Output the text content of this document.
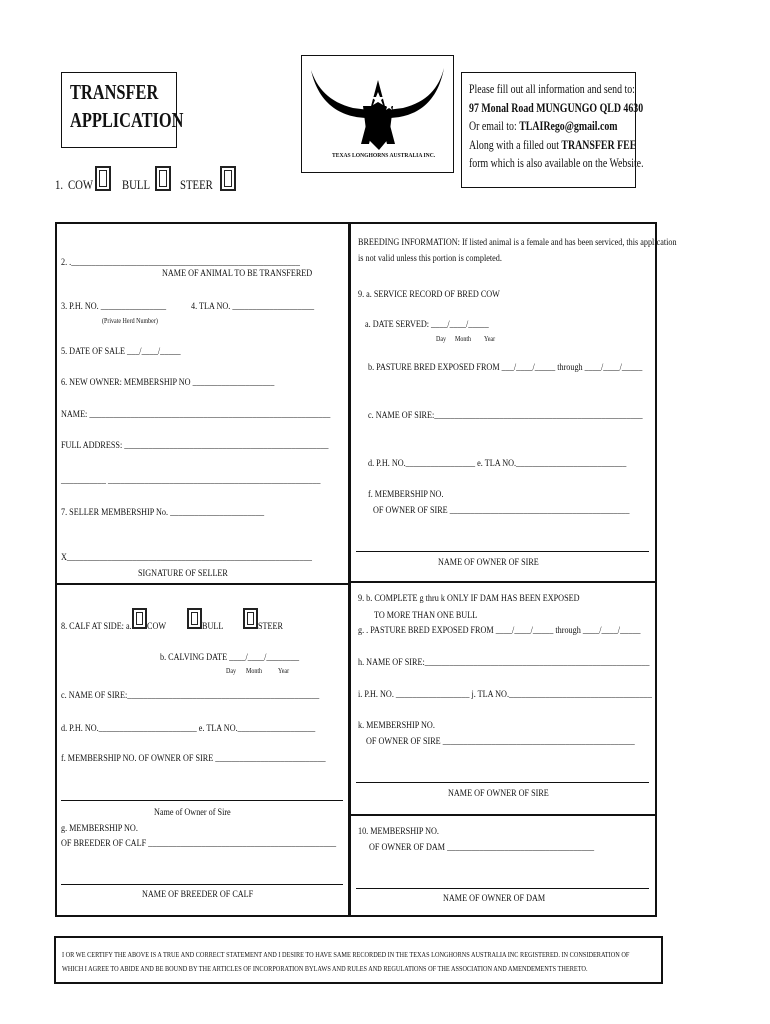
TRANSFER
APPLICATION
TEXAS LONGHORNS AUSTRALIA INC.
Please fill out all information and send to:
97 Monal Road MUNGUNGO QLD 4630
Or email to: TLAIRego@gmail.com
Along with a filled out TRANSFER FEE
form which is also available on the Website.
1. COW BULL STEER
2. .________________________________________________________
NAME OF ANIMAL TO BE TRANSFERED
3. P.H. NO. ________________
(Private Herd Number)
4. TLA NO. ____________________
5. DATE OF SALE ___/____/_____
6. NEW OWNER: MEMBERSHIP NO ____________________
NAME: ___________________________________________________________
FULL ADDRESS: __________________________________________________
___________ ____________________________________________________
7. SELLER MEMBERSHIP No. _______________________
X____________________________________________________________
SIGNATURE OF SELLER
BREEDING INFORMATION: If listed animal is a female and has been serviced, this application
is not valid unless this portion is completed.
9. a. SERVICE RECORD OF BRED COW
a. DATE SERVED: ____/____/_____
Day Month Year
b. PASTURE BRED EXPOSED FROM ___/____/_____ through ____/____/_____
c. NAME OF SIRE:___________________________________________________
d. P.H. NO._________________ e. TLA NO.___________________________
f. MEMBERSHIP NO.
OF OWNER OF SIRE ____________________________________________
NAME OF OWNER OF SIRE
8. CALF AT SIDE: a. COW	BULL	STEER
b. CALVING DATE ____/____/________
Day Month Year
c. NAME OF SIRE:_______________________________________________
d. P.H. NO.________________________ e. TLA NO.___________________
f. MEMBERSHIP NO. OF OWNER OF SIRE ___________________________
Name of Owner of Sire
g. MEMBERSHIP NO.
OF BREEDER OF CALF ______________________________________________
NAME OF BREEDER OF CALF
9. b. COMPLETE g thru k ONLY IF DAM HAS BEEN EXPOSED
TO MORE THAN ONE BULL
g. . PASTURE BRED EXPOSED FROM ____/____/_____ through ____/____/_____
h. NAME OF SIRE:_______________________________________________________
i. P.H. NO. __________________ j. TLA NO.___________________________________
k. MEMBERSHIP NO.
OF OWNER OF SIRE _______________________________________________
NAME OF OWNER OF SIRE
10. MEMBERSHIP NO.
OF OWNER OF DAM ____________________________________
NAME OF OWNER OF DAM
I OR WE CERTIFY THE ABOVE IS A TRUE AND CORRECT STATEMENT AND I DESIRE TO HAVE SAME RECORDED IN THE TEXAS LONGHORNS AUSTRALIA INC REGISTERED. IN CONSIDERATION OF
WHICH I AGREE TO ABIDE AND BE BOUND BY THE ARTICLES OF INCORPORATION BYLAWS AND RULES AND REGULATIONS OF THE ASSOCIATION AND AMENDEMENTS THERETO.
